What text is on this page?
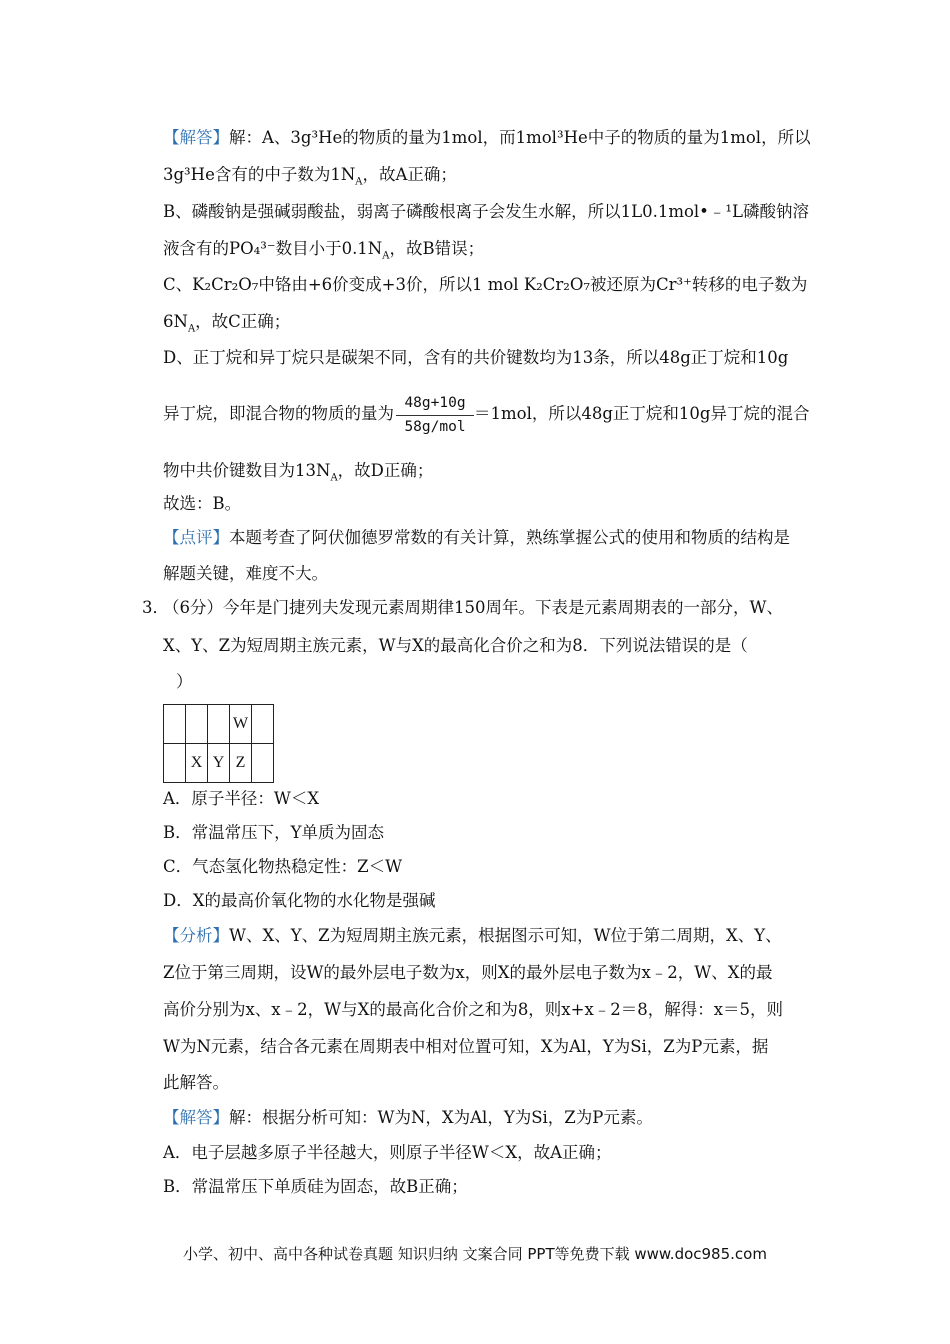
【解答】解：A、3g³He的物质的量为1mol，而1mol³He中子的物质的量为1mol，所以
3g³He含有的中子数为$1N_A$，故A正确；
B、磷酸钠是强碱弱酸盐，弱离子磷酸根离子会发生水解，所以1L0.1mol•﹣¹L磷酸钠溶
液含有的PO₄³⁻数目小于$0.1N_A$，故B错误；
C、K₂Cr₂O₇中铬由+6价变成+3价，所以1 mol K₂Cr₂O₇被还原为Cr³⁺转移的电子数为
$6N_A$，故C正确；
D、正丁烷和异丁烷只是碳架不同，含有的共价键数均为13条，所以48g正丁烷和10g
异丁烷，即混合物的物质的量为
48g+10g
58g/mol
＝1mol，所以48g正丁烷和10g异丁烷的混合
物中共价键数目为$13N_A$，故D正确；
故选：B。
【点评】本题考查了阿伏伽德罗常数的有关计算，熟练掌握公式的使用和物质的结构是
解题关键，难度不大。
3．
（6分）今年是门捷列夫发现元素周期律150周年。下表是元素周期表的一部分，W、
X、Y、Z为短周期主族元素，W与X的最高化合价之和为8．下列说法错误的是（
）
			W	
	X	Y	Z	
A．原子半径：W＜X
B．常温常压下，Y单质为固态
C．气态氢化物热稳定性：Z＜W
D．X的最高价氧化物的水化物是强碱
【分析】W、X、Y、Z为短周期主族元素，根据图示可知，W位于第二周期，X、Y、
Z位于第三周期，设W的最外层电子数为x，则X的最外层电子数为x﹣2，W、X的最
高价分别为x、x﹣2，W与X的最高化合价之和为8，则x+x﹣2＝8，解得：x＝5，则
W为N元素，结合各元素在周期表中相对位置可知，X为Al，Y为Si，Z为P元素，据
此解答。
【解答】解：根据分析可知：W为N，X为Al，Y为Si，Z为P元素。
A．电子层越多原子半径越大，则原子半径W＜X，故A正确；
B．常温常压下单质硅为固态，故B正确；
小学、初中、高中各种试卷真题 知识归纳 文案合同 PPT等免费下载 www.doc985.com
